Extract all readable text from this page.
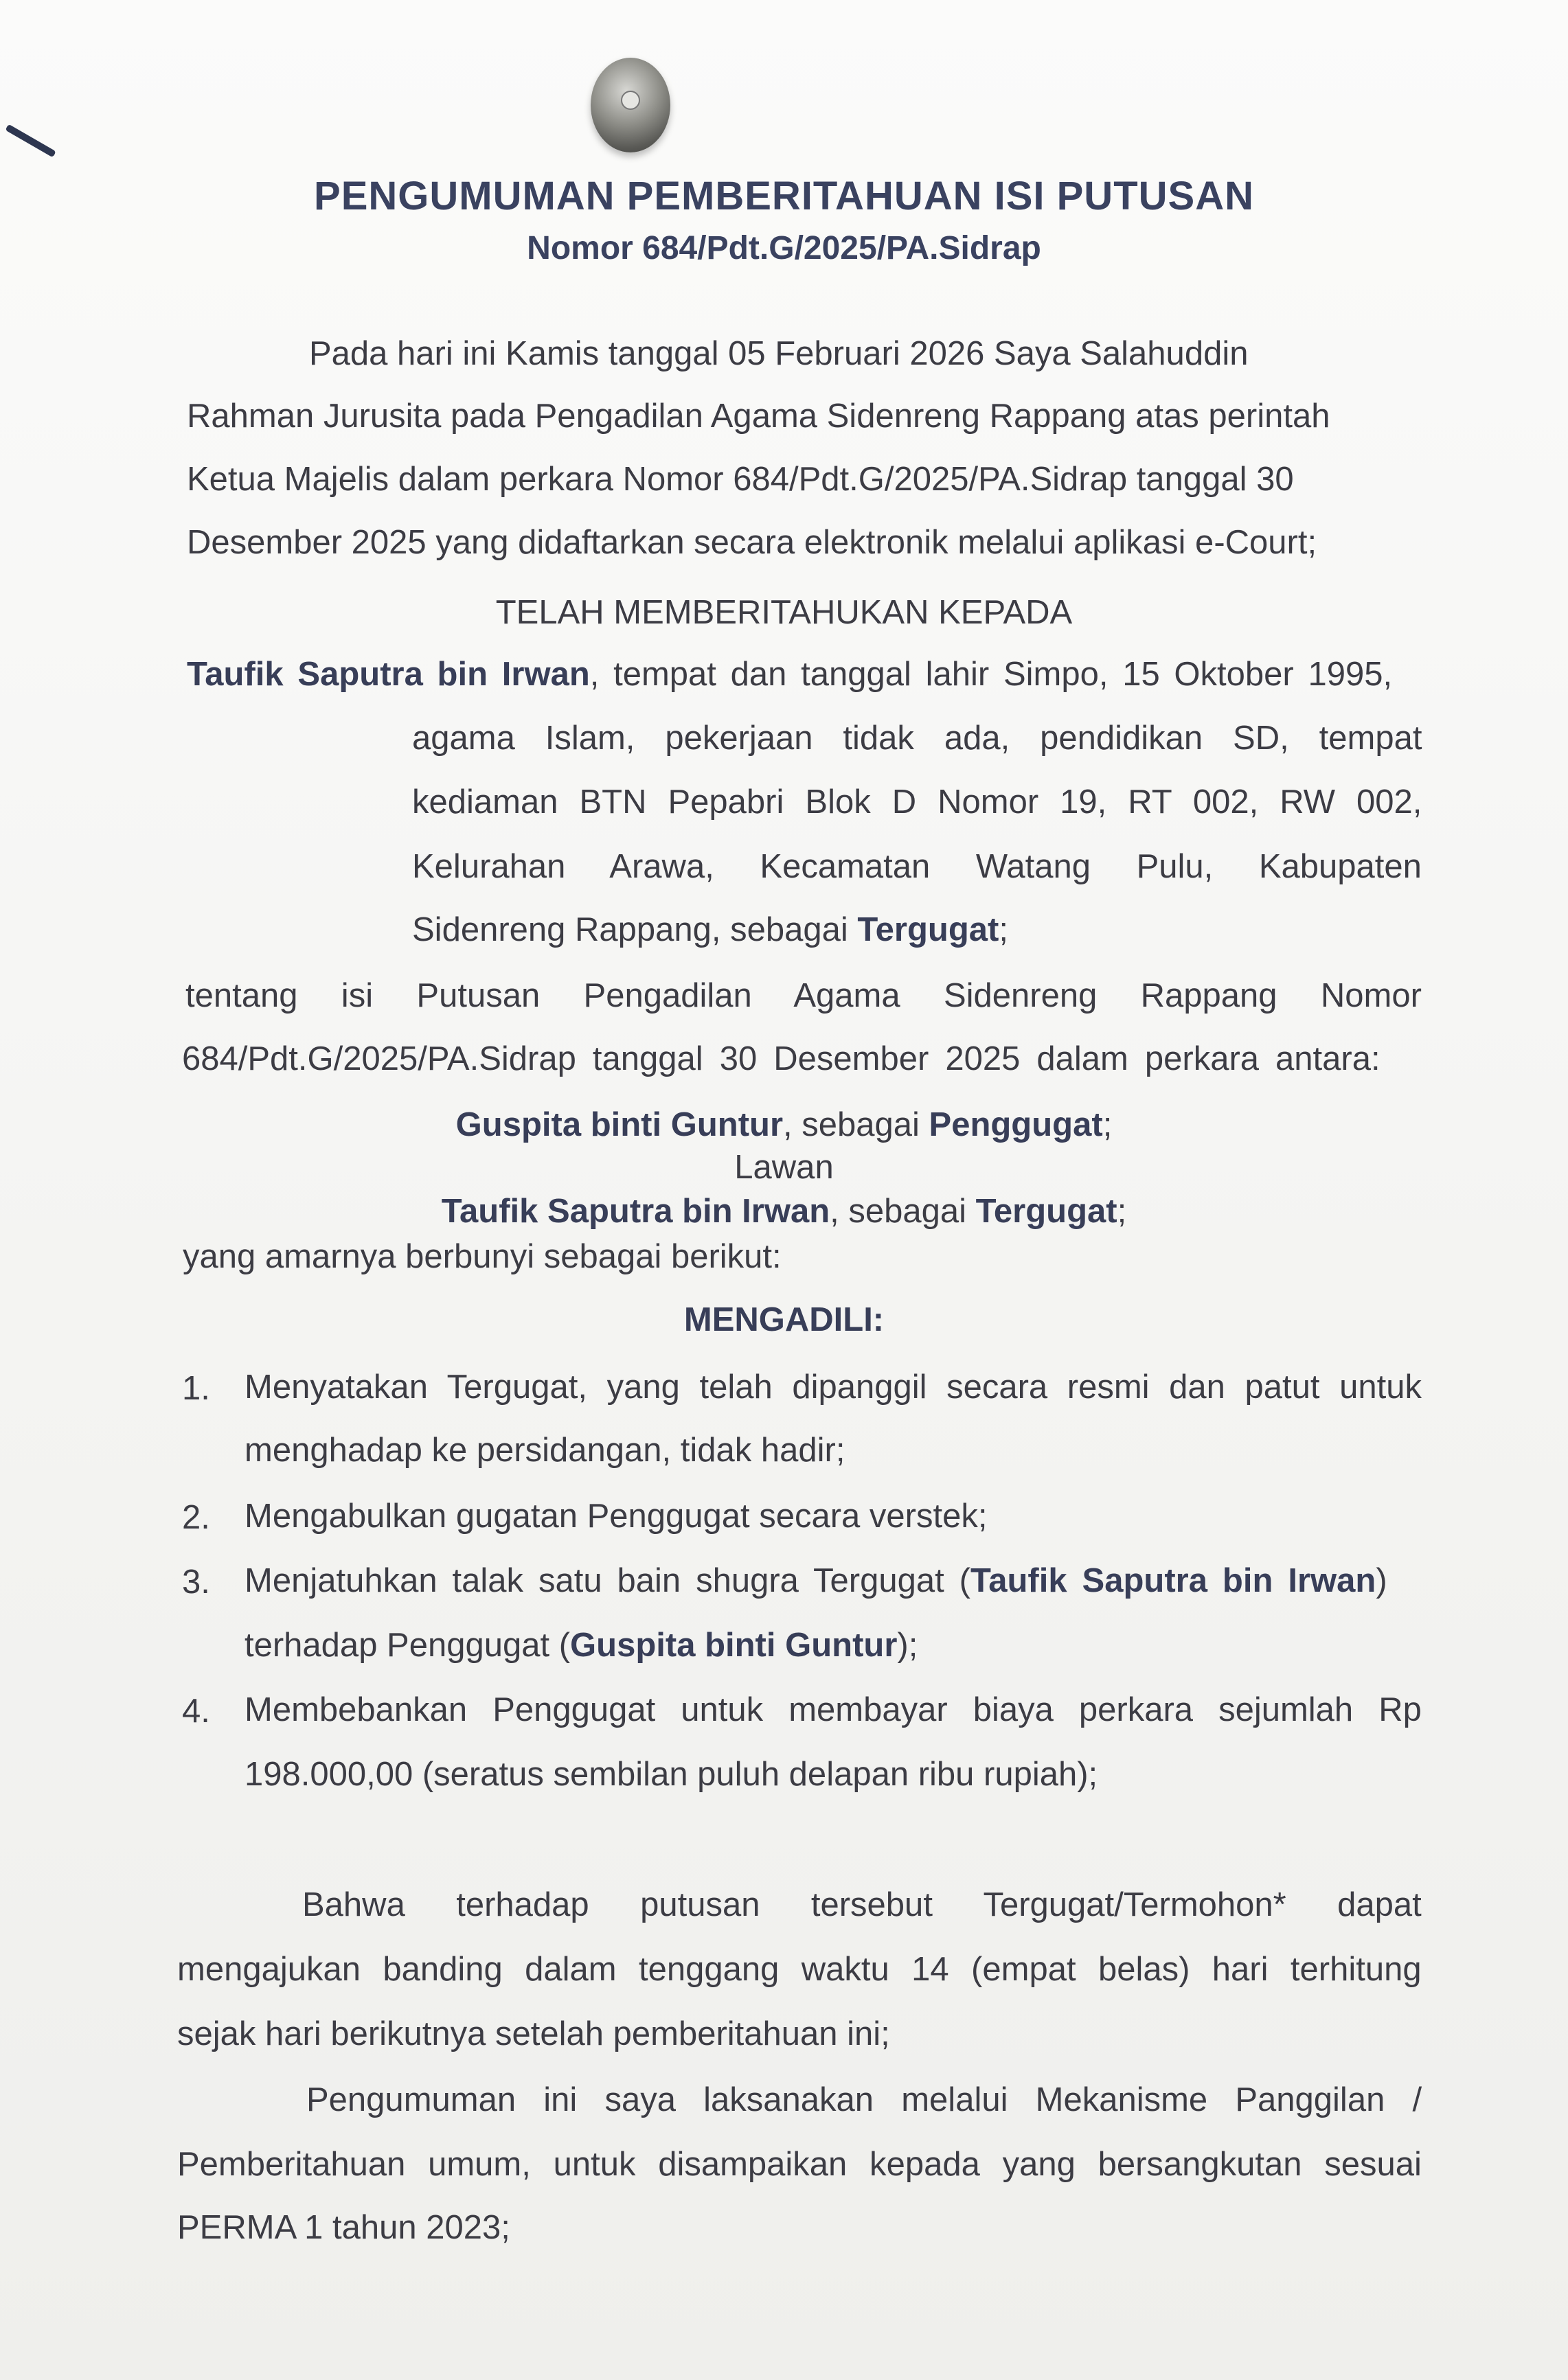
PENGUMUMAN PEMBERITAHUAN ISI PUTUSAN
Nomor 684/Pdt.G/2025/PA.Sidrap
Pada hari ini Kamis tanggal 05 Februari 2026 Saya Salahuddin
Rahman Jurusita pada Pengadilan Agama Sidenreng Rappang atas perintah
Ketua Majelis dalam perkara Nomor 684/Pdt.G/2025/PA.Sidrap tanggal 30
Desember 2025 yang didaftarkan secara elektronik melalui aplikasi e-Court;
TELAH MEMBERITAHUKAN KEPADA
Taufik Saputra bin Irwan, tempat dan tanggal lahir Simpo, 15 Oktober 1995,
agama Islam, pekerjaan tidak ada, pendidikan SD, tempat
kediaman BTN Pepabri Blok D Nomor 19, RT 002, RW 002,
Kelurahan Arawa, Kecamatan Watang Pulu, Kabupaten
Sidenreng Rappang, sebagai Tergugat;
tentang isi Putusan Pengadilan Agama Sidenreng Rappang Nomor
684/Pdt.G/2025/PA.Sidrap tanggal 30 Desember 2025 dalam perkara antara:
Guspita binti Guntur, sebagai Penggugat;
Lawan
Taufik Saputra bin Irwan, sebagai Tergugat;
yang amarnya berbunyi sebagai berikut:
MENGADILI:
1. Menyatakan Tergugat, yang telah dipanggil secara resmi dan patut untuk
menghadap ke persidangan, tidak hadir;
2. Mengabulkan gugatan Penggugat secara verstek;
3. Menjatuhkan talak satu bain shugra Tergugat (Taufik Saputra bin Irwan)
terhadap Penggugat (Guspita binti Guntur);
4. Membebankan Penggugat untuk membayar biaya perkara sejumlah Rp
198.000,00 (seratus sembilan puluh delapan ribu rupiah);
Bahwa terhadap putusan tersebut Tergugat/Termohon* dapat
mengajukan banding dalam tenggang waktu 14 (empat belas) hari terhitung
sejak hari berikutnya setelah pemberitahuan ini;
Pengumuman ini saya laksanakan melalui Mekanisme Panggilan /
Pemberitahuan umum, untuk disampaikan kepada yang bersangkutan sesuai
PERMA 1 tahun 2023;
